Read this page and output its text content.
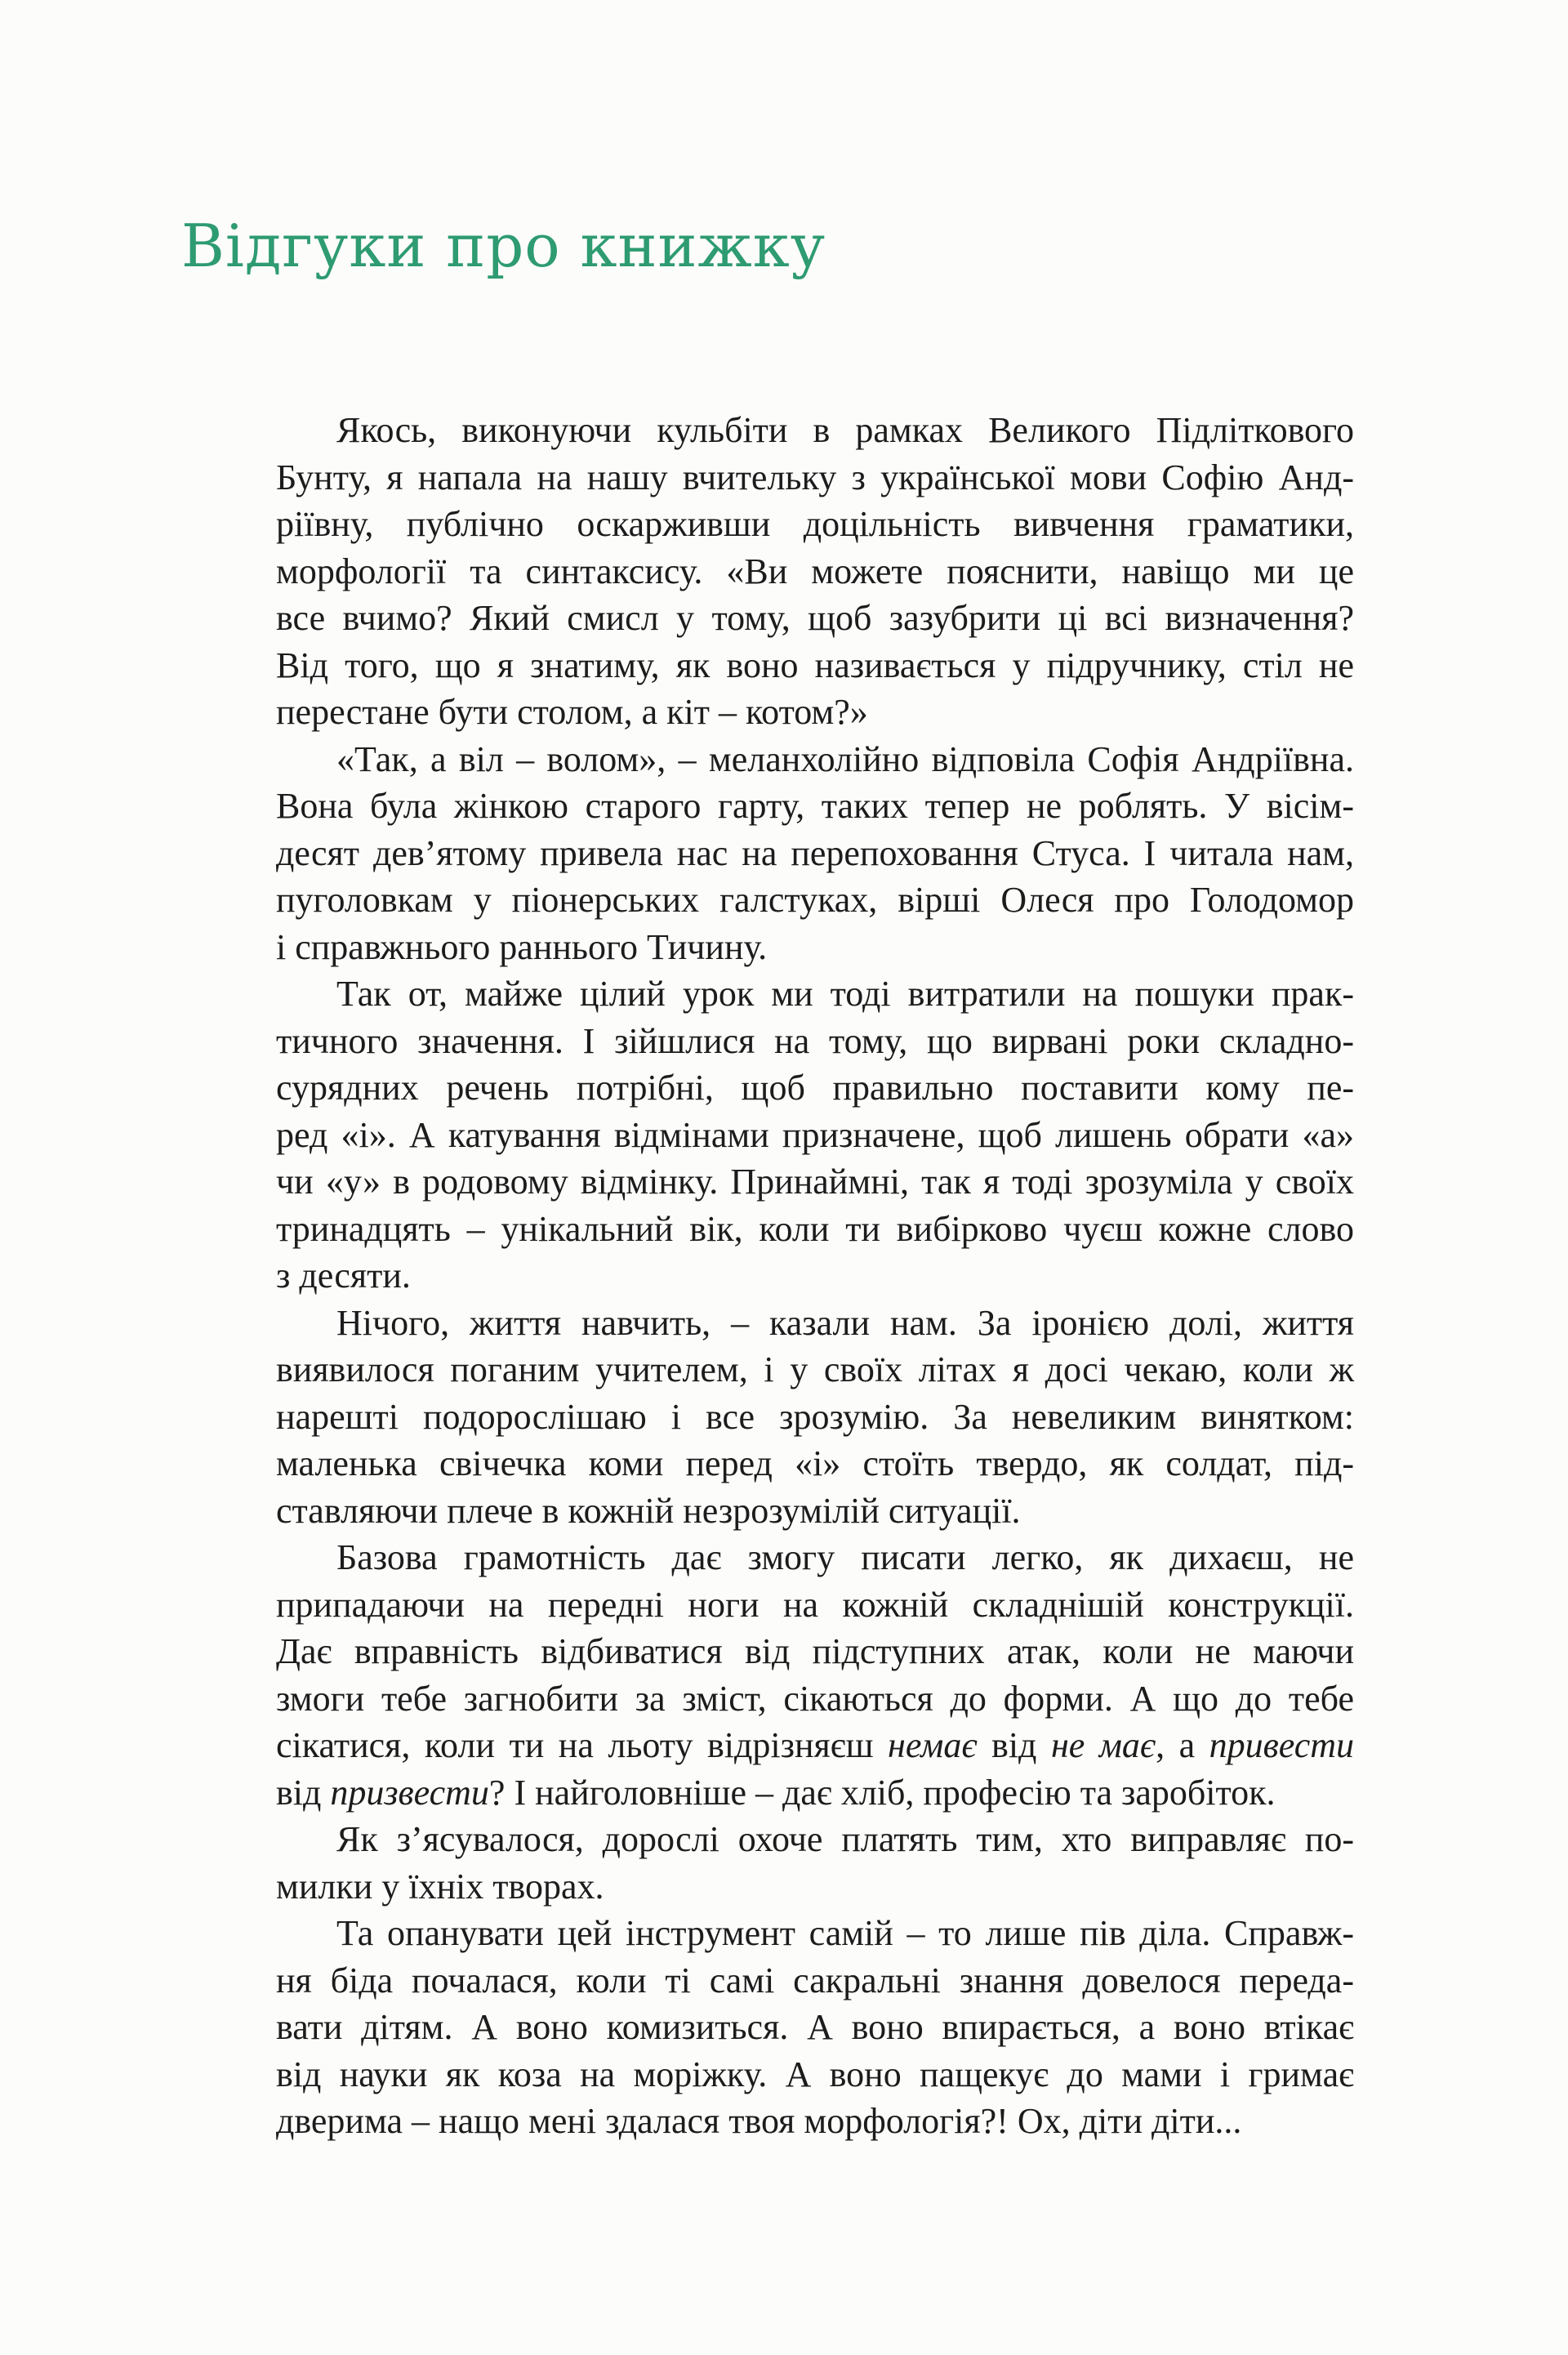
Відгуки про книжку
Якось, виконуючи кульбіти в рамках Великого Підліткового
Бунту, я напала на нашу вчительку з української мови Софію Анд-
ріївну, публічно оскарживши доцільність вивчення граматики,
морфології та синтаксису. «Ви можете пояснити, навіщо ми це
все вчимо? Який смисл у тому, щоб зазубрити ці всі визначення?
Від того, що я знатиму, як воно називається у підручнику, стіл не
перестане бути столом, а кіт – котом?»
«Так, а віл – волом», – меланхолійно відповіла Софія Андріївна.
Вона була жінкою старого гарту, таких тепер не роблять. У вісім-
десят дев’ятому привела нас на перепоховання Стуса. І читала нам,
пуголовкам у піонерських галстуках, вірші Олеся про Голодомор
і справжнього раннього Тичину.
Так от, майже цілий урок ми тоді витратили на пошуки прак-
тичного значення. І зійшлися на тому, що вирвані роки складно-
сурядних речень потрібні, щоб правильно поставити кому пе-
ред «і». А катування відмінами призначене, щоб лишень обрати «а»
чи «у» в родовому відмінку. Принаймні, так я тоді зрозуміла у своїх
тринадцять – унікальний вік, коли ти вибірково чуєш кожне слово
з десяти.
Нічого, життя навчить, – казали нам. За іронією долі, життя
виявилося поганим учителем, і у своїх літах я досі чекаю, коли ж
нарешті подорослішаю і все зрозумію. За невеликим винятком:
маленька свічечка коми перед «і» стоїть твердо, як солдат, під-
ставляючи плече в кожній незрозумілій ситуації.
Базова грамотність дає змогу писати легко, як дихаєш, не
припадаючи на передні ноги на кожній складнішій конструкції.
Дає вправність відбиватися від підступних атак, коли не маючи
змоги тебе загнобити за зміст, сікаються до форми. А що до тебе
сікатися, коли ти на льоту відрізняєш немає від не має, а привести
від призвести? І найголовніше – дає хліб, професію та заробіток.
Як з’ясувалося, дорослі охоче платять тим, хто виправляє по-
милки у їхніх творах.
Та опанувати цей інструмент самій – то лише пів діла. Справж-
ня біда почалася, коли ті самі сакральні знання довелося переда-
вати дітям. А воно комизиться. А воно впирається, а воно втікає
від науки як коза на моріжку. А воно пащекує до мами і гримає
дверима – нащо мені здалася твоя морфологія?! Ох, діти діти...
